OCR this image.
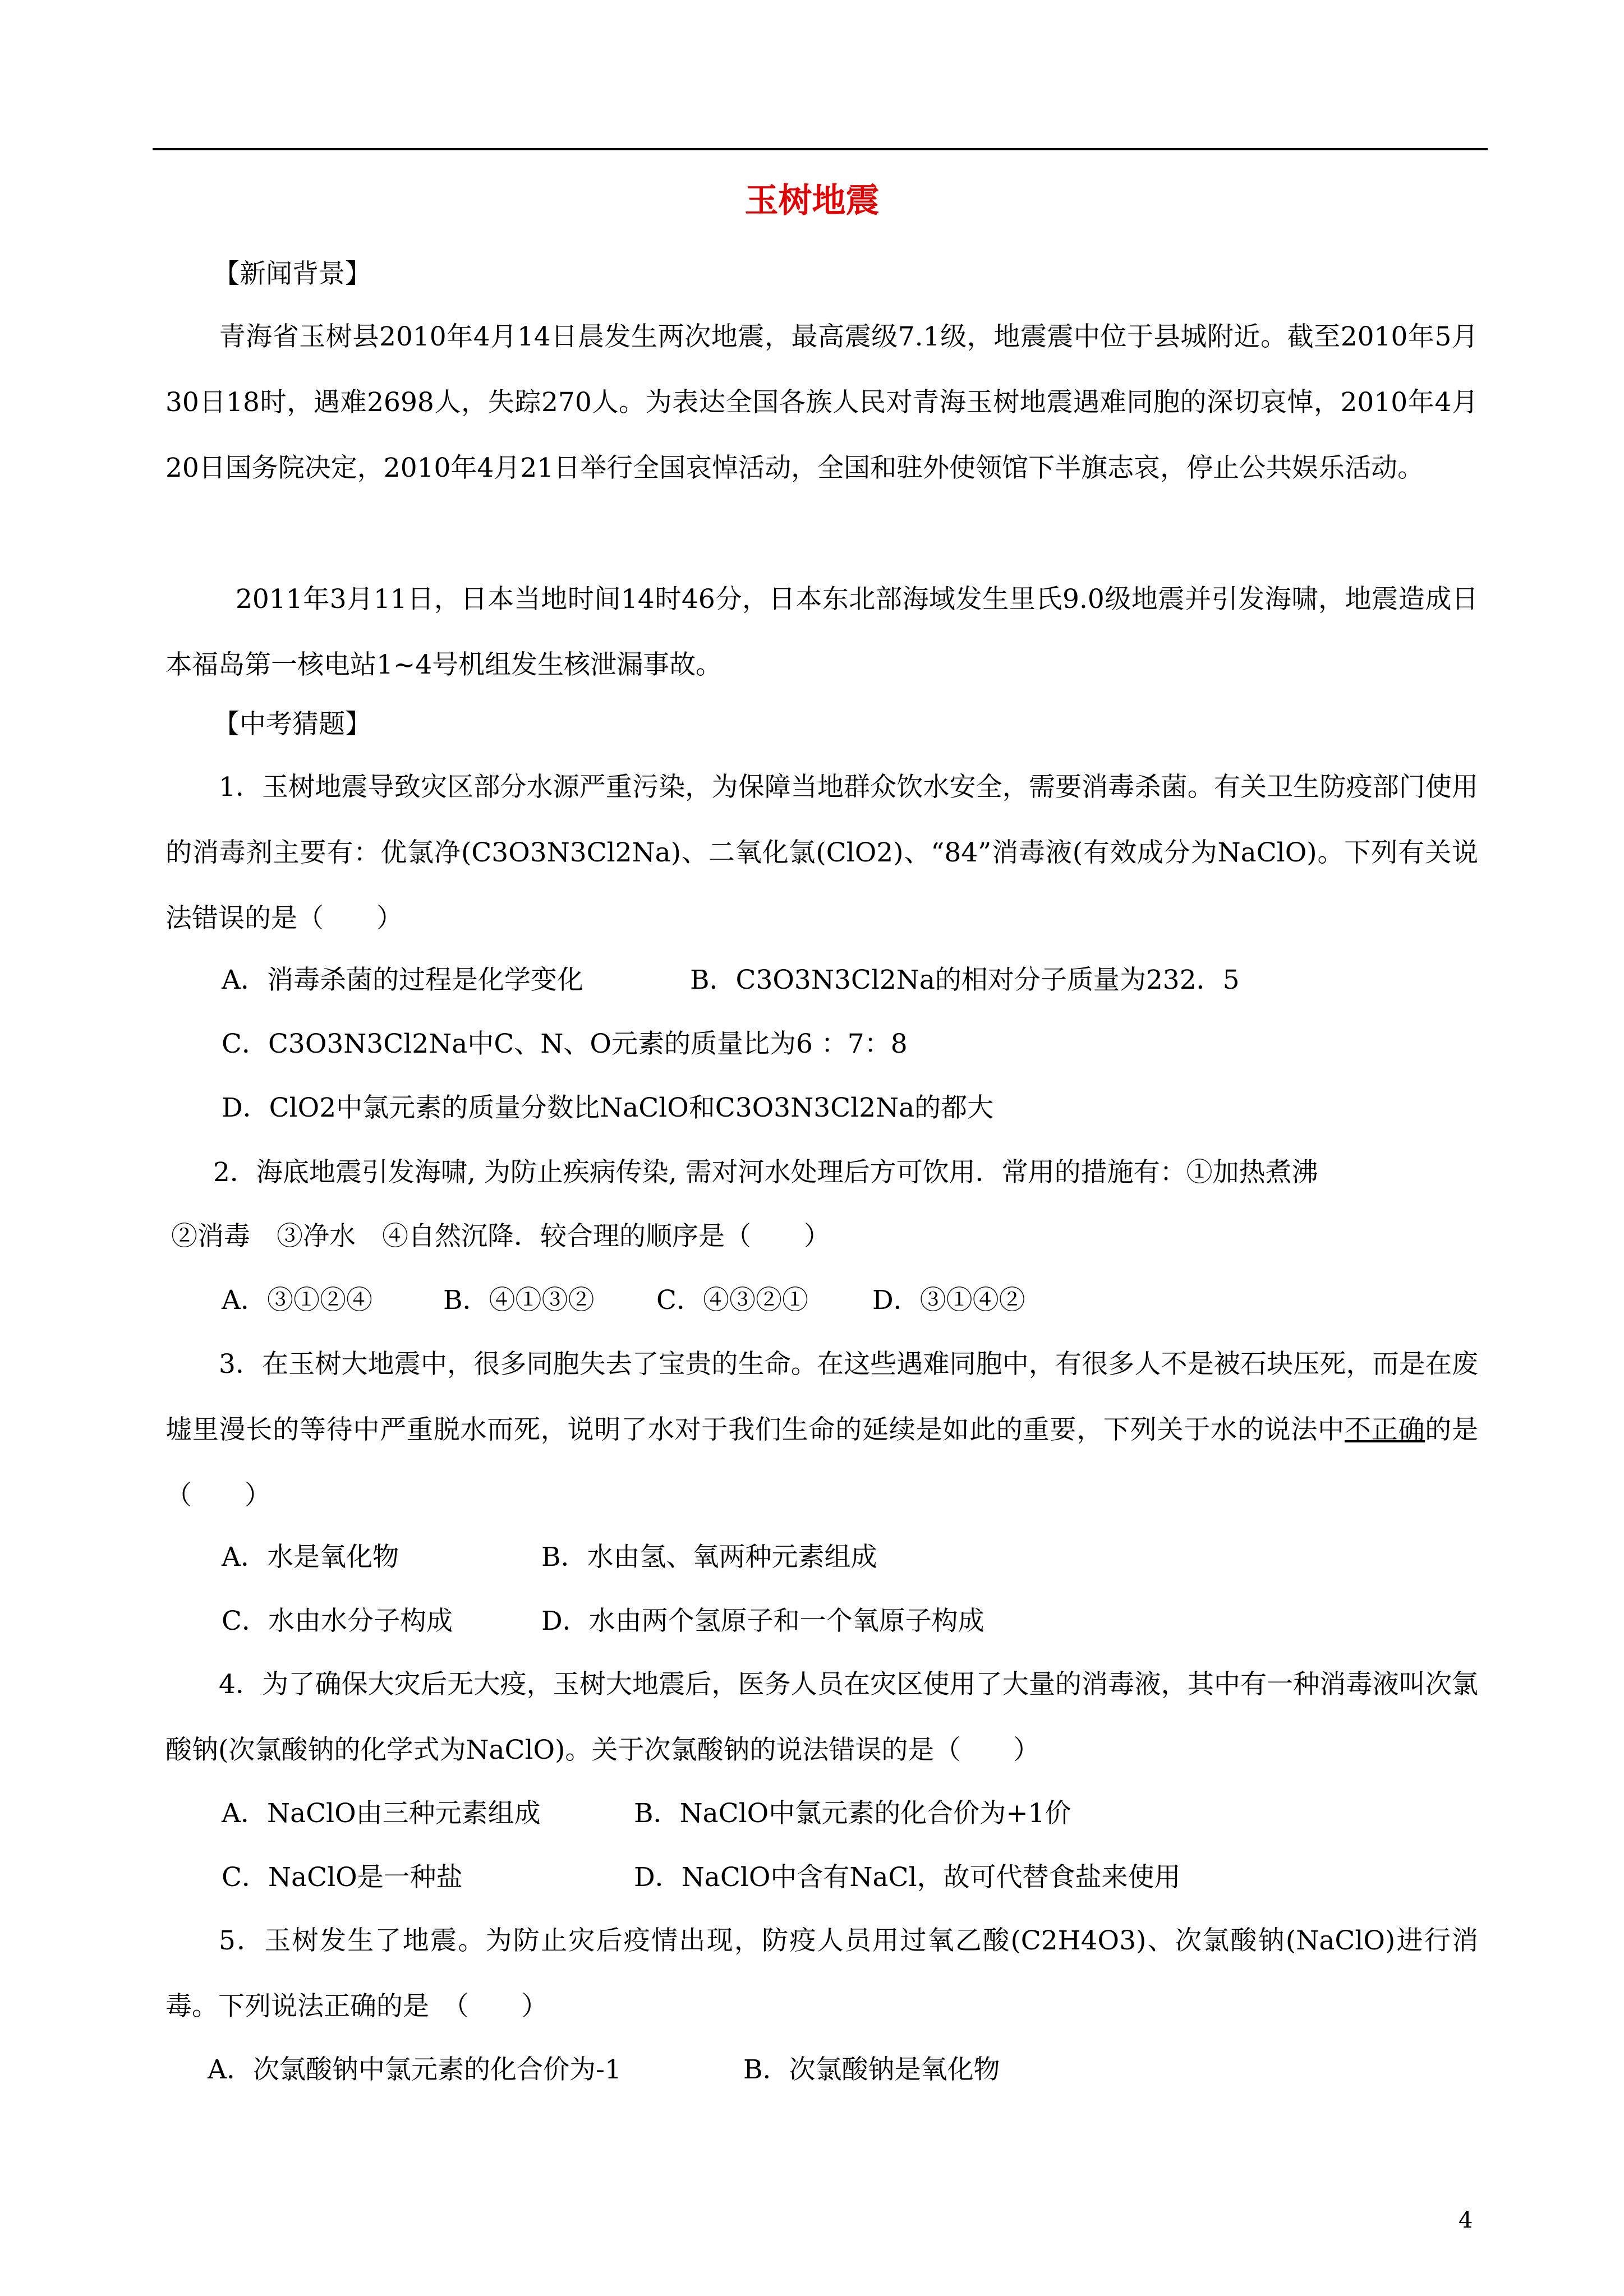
玉树地震
【新闻背景】

青海省玉树县2010年4月14日晨发生两次地震，最高震级7.1级，地震震中位于县城附近。截至2010年5月30日18时，遇难2698人，失踪270人。为表达全国各族人民对青海玉树地震遇难同胞的深切哀悼，2010年4月20日国务院决定，2010年4月21日举行全国哀悼活动，全国和驻外使领馆下半旗志哀，停止公共娱乐活动。

2011年3月11日，日本当地时间14时46分，日本东北部海域发生里氏9.0级地震并引发海啸，地震造成日本福岛第一核电站1~4号机组发生核泄漏事故。

【中考猜题】

1．玉树地震导致灾区部分水源严重污染，为保障当地群众饮水安全，需要消毒杀菌。有关卫生防疫部门使用的消毒剂主要有：优氯净(C3O3N3Cl2Na)、二氧化氯(ClO2)、“84”消毒液(有效成分为NaClO)。下列有关说法错误的是（　　）

A．消毒杀菌的过程是化学变化	B．C3O3N3Cl2Na的相对分子质量为232．5
C．C3O3N3Cl2Na中C、N、O元素的质量比为6 ：7：8
D．ClO2中氯元素的质量分数比NaClO和C3O3N3Cl2Na的都大
2．海底地震引发海啸, 为防止疾病传染, 需对河水处理后方可饮用．常用的措施有：①加热煮沸
②消毒　③净水　④自然沉降．较合理的顺序是（　　）
A．③①②④	B．④①③② C．④③②① D．③①④②

3．在玉树大地震中，很多同胞失去了宝贵的生命。在这些遇难同胞中，有很多人不是被石块压死，而是在废墟里漫长的等待中严重脱水而死，说明了水对于我们生命的延续是如此的重要，下列关于水的说法中不正确的是　（　　）

A．水是氧化物	B．水由氢、氧两种元素组成
C．水由水分子构成	D．水由两个氢原子和一个氧原子构成

4．为了确保大灾后无大疫，玉树大地震后，医务人员在灾区使用了大量的消毒液，其中有一种消毒液叫次氯酸钠(次氯酸钠的化学式为NaClO)。关于次氯酸钠的说法错误的是（　　）

A．NaClO由三种元素组成	B．NaClO中氯元素的化合价为+1价
C．NaClO是一种盐	D．NaClO中含有NaCl，故可代替食盐来使用

5．玉树发生了地震。为防止灾后疫情出现，防疫人员用过氧乙酸(C2H4O3)、次氯酸钠(NaClO)进行消毒。下列说法正确的是　（　　）

A．次氯酸钠中氯元素的化合价为-1	B．次氯酸钠是氧化物
4
